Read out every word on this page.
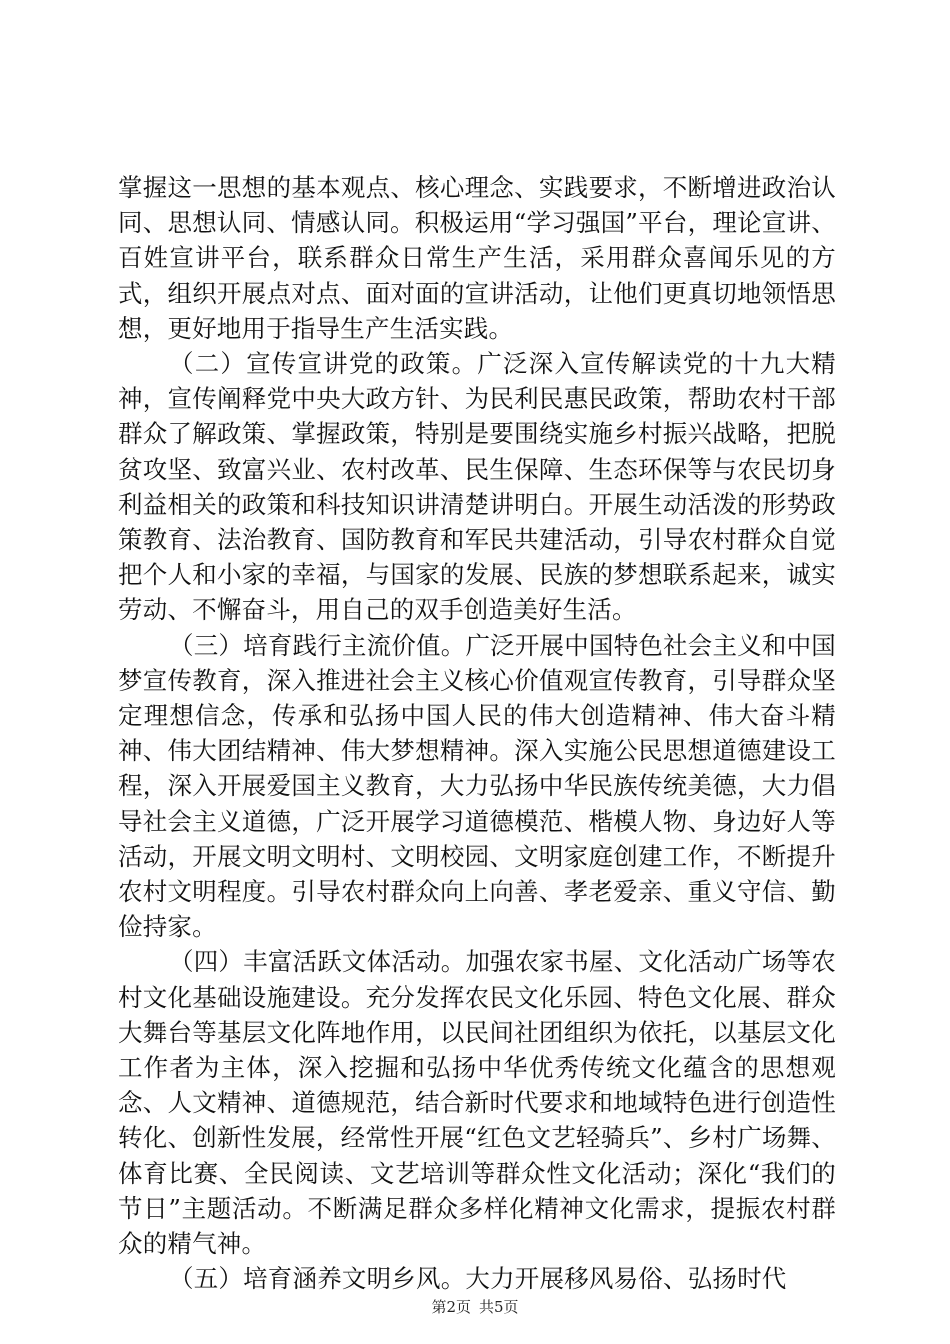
掌握这一思想的基本观点、核心理念、实践要求，不断增进政治认同、思想认同、情感认同。积极运用“学习强国”平台，理论宣讲、百姓宣讲平台，联系群众日常生产生活，采用群众喜闻乐见的方式，组织开展点对点、面对面的宣讲活动，让他们更真切地领悟思想，更好地用于指导生产生活实践。

（二）宣传宣讲党的政策。广泛深入宣传解读党的十九大精神，宣传阐释党中央大政方针、为民利民惠民政策，帮助农村干部群众了解政策、掌握政策，特别是要围绕实施乡村振兴战略，把脱贫攻坚、致富兴业、农村改革、民生保障、生态环保等与农民切身利益相关的政策和科技知识讲清楚讲明白。开展生动活泼的形势政策教育、法治教育、国防教育和军民共建活动，引导农村群众自觉把个人和小家的幸福，与国家的发展、民族的梦想联系起来，诚实劳动、不懈奋斗，用自己的双手创造美好生活。

（三）培育践行主流价值。广泛开展中国特色社会主义和中国梦宣传教育，深入推进社会主义核心价值观宣传教育，引导群众坚定理想信念，传承和弘扬中国人民的伟大创造精神、伟大奋斗精神、伟大团结精神、伟大梦想精神。深入实施公民思想道德建设工程，深入开展爱国主义教育，大力弘扬中华民族传统美德，大力倡导社会主义道德，广泛开展学习道德模范、楷模人物、身边好人等活动，开展文明文明村、文明校园、文明家庭创建工作，不断提升农村文明程度。引导农村群众向上向善、孝老爱亲、重义守信、勤俭持家。

（四）丰富活跃文体活动。加强农家书屋、文化活动广场等农村文化基础设施建设。充分发挥农民文化乐园、特色文化展、群众大舞台等基层文化阵地作用，以民间社团组织为依托，以基层文化工作者为主体，深入挖掘和弘扬中华优秀传统文化蕴含的思想观念、人文精神、道德规范，结合新时代要求和地域特色进行创造性转化、创新性发展，经常性开展“红色文艺轻骑兵”、乡村广场舞、体育比赛、全民阅读、文艺培训等群众性文化活动；深化“我们的节日”主题活动。不断满足群众多样化精神文化需求，提振农村群众的精气神。

（五）培育涵养文明乡风。大力开展移风易俗、弘扬时代

第2页 共5页
